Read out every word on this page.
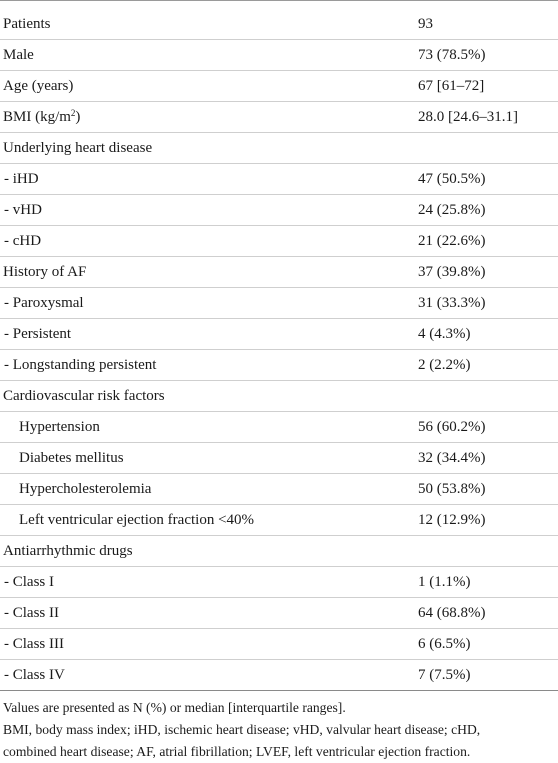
Patients	93
Male	73 (78.5%)
Age (years)	67 [61–72]
BMI $(kg/m^2)$	28.0 [24.6–31.1]
Underlying heart disease
- iHD	47 (50.5%)
- vHD	24 (25.8%)
- cHD	21 (22.6%)
History of AF	37 (39.8%)
- Paroxysmal	31 (33.3%)
- Persistent	4 (4.3%)
- Longstanding persistent	2 (2.2%)
Cardiovascular risk factors
Hypertension	56 (60.2%)
Diabetes mellitus	32 (34.4%)
Hypercholesterolemia	50 (53.8%)
Left ventricular ejection fraction <40%	12 (12.9%)
Antiarrhythmic drugs
- Class I	1 (1.1%)
- Class II	64 (68.8%)
- Class III	6 (6.5%)
- Class IV	7 (7.5%)
Values are presented as N (%) or median [interquartile ranges].
BMI, body mass index; iHD, ischemic heart disease; vHD, valvular heart disease; cHD,
combined heart disease; AF, atrial fibrillation; LVEF, left ventricular ejection fraction.
